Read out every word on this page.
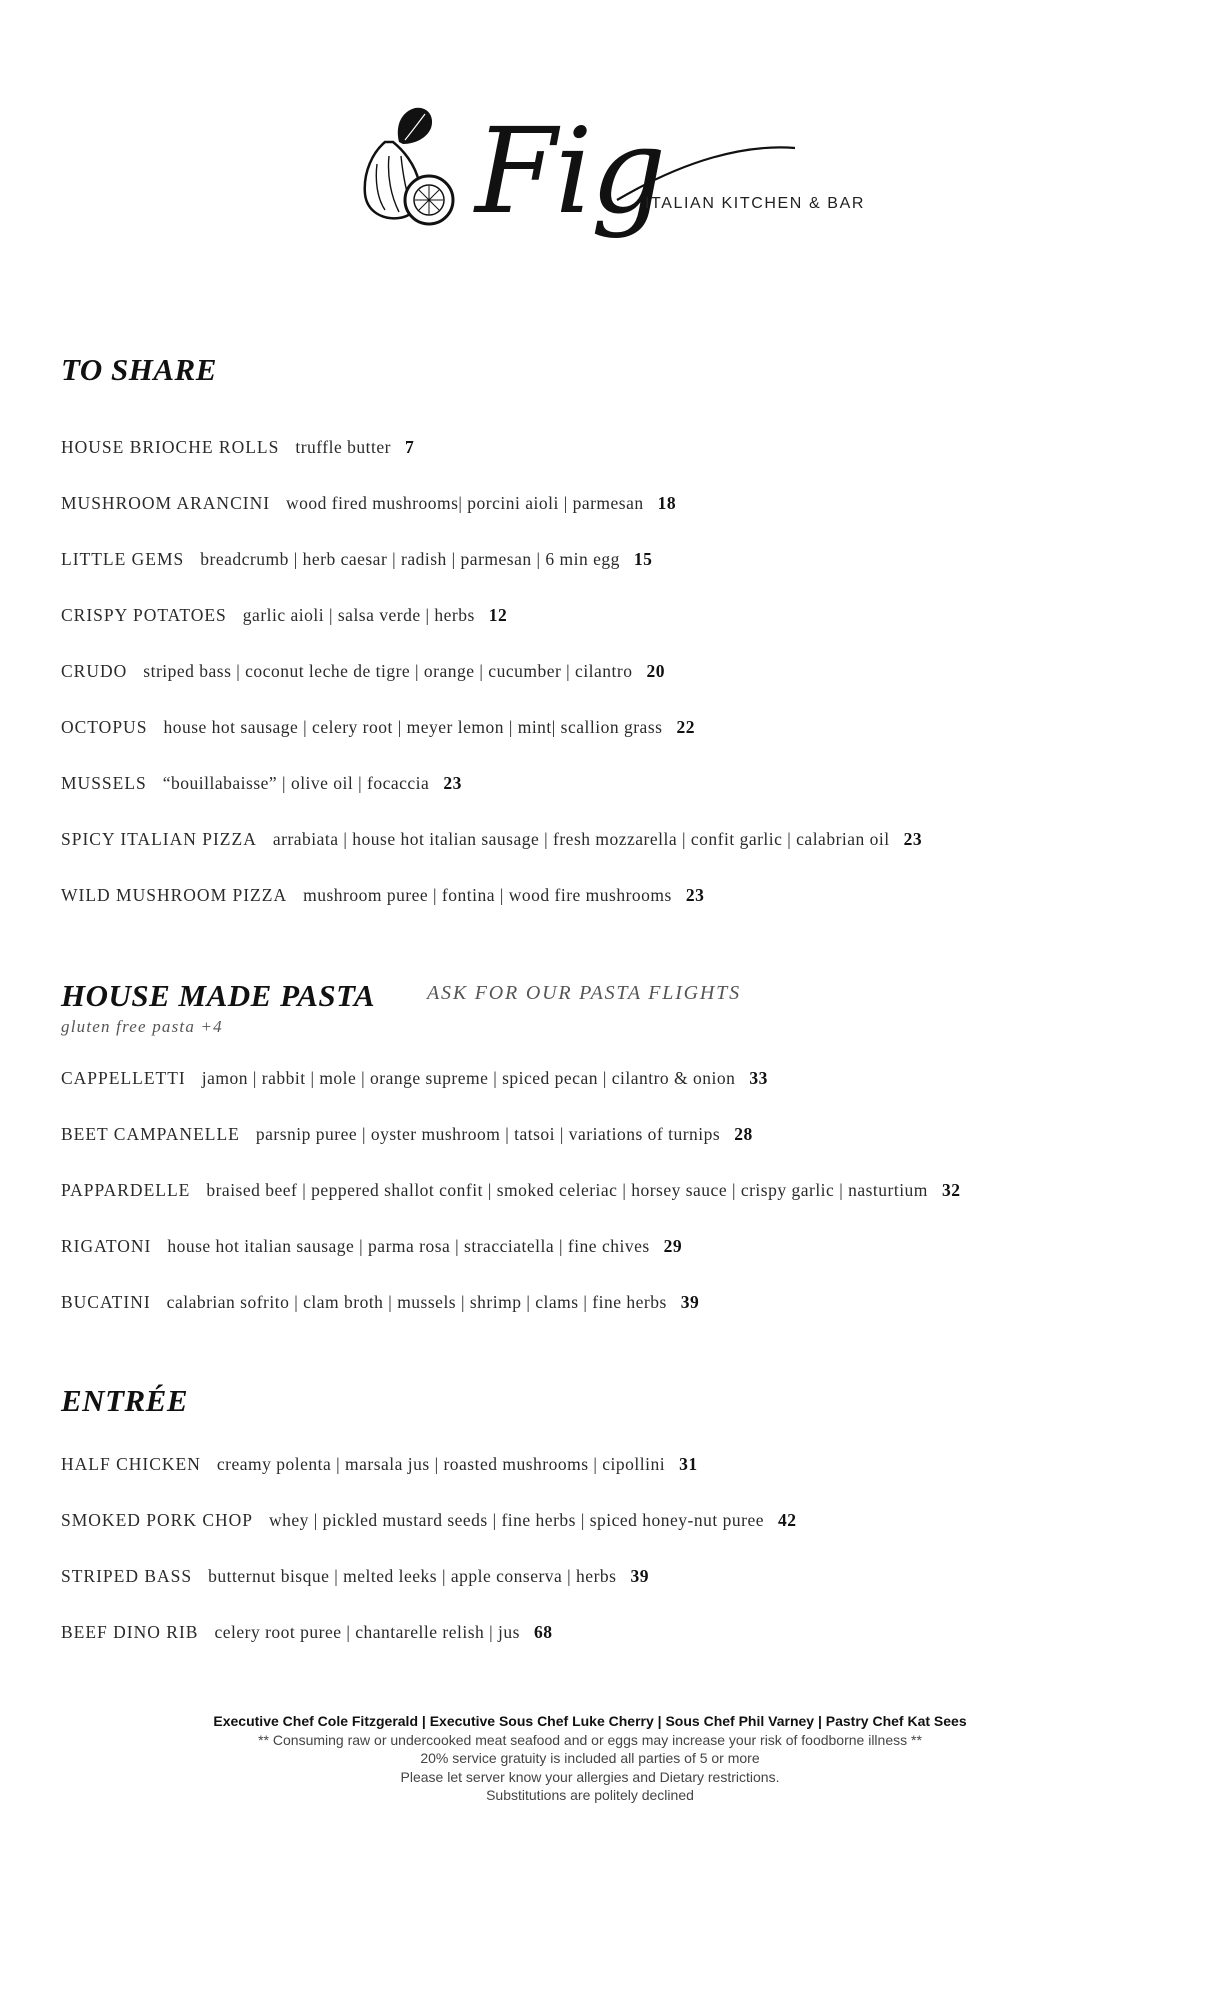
Fig
ITALIAN KITCHEN & BAR
TO SHARE
HOUSE BRIOCHE ROLLS truffle butter 7
MUSHROOM ARANCINI wood fired mushrooms| porcini aioli | parmesan 18
LITTLE GEMS breadcrumb | herb caesar | radish | parmesan | 6 min egg 15
CRISPY POTATOES garlic aioli | salsa verde | herbs 12
CRUDO striped bass | coconut leche de tigre | orange | cucumber | cilantro 20
OCTOPUS house hot sausage | celery root | meyer lemon | mint| scallion grass 22
MUSSELS “bouillabaisse” | olive oil | focaccia 23
SPICY ITALIAN PIZZA arrabiata | house hot italian sausage | fresh mozzarella | confit garlic | calabrian oil 23
WILD MUSHROOM PIZZA mushroom puree | fontina | wood fire mushrooms 23
HOUSE MADE PASTA	ASK FOR OUR PASTA FLIGHTS
gluten free pasta +4
CAPPELLETTI jamon | rabbit | mole | orange supreme | spiced pecan | cilantro & onion 33
BEET CAMPANELLE parsnip puree | oyster mushroom | tatsoi | variations of turnips 28
PAPPARDELLE braised beef | peppered shallot confit | smoked celeriac | horsey sauce | crispy garlic | nasturtium 32
RIGATONI house hot italian sausage | parma rosa | stracciatella | fine chives 29
BUCATINI calabrian sofrito | clam broth | mussels | shrimp | clams | fine herbs 39
ENTRÉE
HALF CHICKEN creamy polenta | marsala jus | roasted mushrooms | cipollini 31
SMOKED PORK CHOP whey | pickled mustard seeds | fine herbs | spiced honey-nut puree 42
STRIPED BASS butternut bisque | melted leeks | apple conserva | herbs 39
BEEF DINO RIB celery root puree | chantarelle relish | jus 68
Executive Chef Cole Fitzgerald | Executive Sous Chef Luke Cherry | Sous Chef Phil Varney | Pastry Chef Kat Sees
** Consuming raw or undercooked meat seafood and or eggs may increase your risk of foodborne illness **
20% service gratuity is included all parties of 5 or more
Please let server know your allergies and Dietary restrictions.
Substitutions are politely declined
